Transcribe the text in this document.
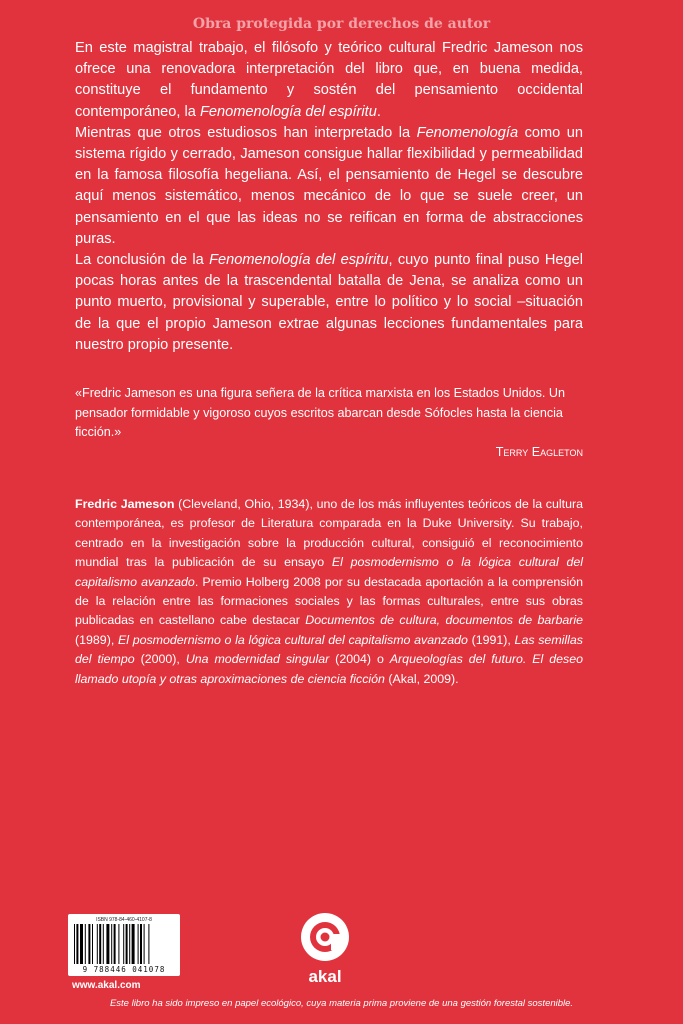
Obra protegida por derechos de autor

En este magistral trabajo, el filósofo y teórico cultural Fredric Jameson nos ofrece una renovadora interpretación del libro que, en buena medida, constituye el fundamento y sostén del pensamiento occidental contemporáneo, la Fenomenología del espíritu.

Mientras que otros estudiosos han interpretado la Fenomenología como un sistema rígido y cerrado, Jameson consigue hallar flexibilidad y permeabilidad en la famosa filosofía hegeliana. Así, el pensamiento de Hegel se descubre aquí menos sistemático, menos mecánico de lo que se suele creer, un pensamiento en el que las ideas no se reifican en forma de abstracciones puras.

La conclusión de la Fenomenología del espíritu, cuyo punto final puso Hegel pocas horas antes de la trascendental batalla de Jena, se analiza como un punto muerto, provisional y superable, entre lo político y lo social –situación de la que el propio Jameson extrae algunas lecciones fundamentales para nuestro propio presente.

«Fredric Jameson es una figura señera de la crítica marxista en los Estados Unidos. Un pensador formidable y vigoroso cuyos escritos abarcan desde Sófocles hasta la ciencia ficción.»

Terry Eagleton

Fredric Jameson (Cleveland, Ohio, 1934), uno de los más influyentes teóricos de la cultura contemporánea, es profesor de Literatura comparada en la Duke University. Su trabajo, centrado en la investigación sobre la producción cultural, consiguió el reconocimiento mundial tras la publicación de su ensayo El posmodernismo o la lógica cultural del capitalismo avanzado. Premio Holberg 2008 por su destacada aportación a la comprensión de la relación entre las formaciones sociales y las formas culturales, entre sus obras publicadas en castellano cabe destacar Documentos de cultura, documentos de barbarie (1989), El posmodernismo o la lógica cultural del capitalismo avanzado (1991), Las semillas del tiempo (2000), Una modernidad singular (2004) o Arqueologías del futuro. El deseo llamado utopía y otras aproximaciones de ciencia ficción (Akal, 2009).

ISBN 978-84-460-4107-8
9 788446 041078
www.akal.com	akal
Este libro ha sido impreso en papel ecológico, cuya materia prima proviene de una gestión forestal sostenible.
